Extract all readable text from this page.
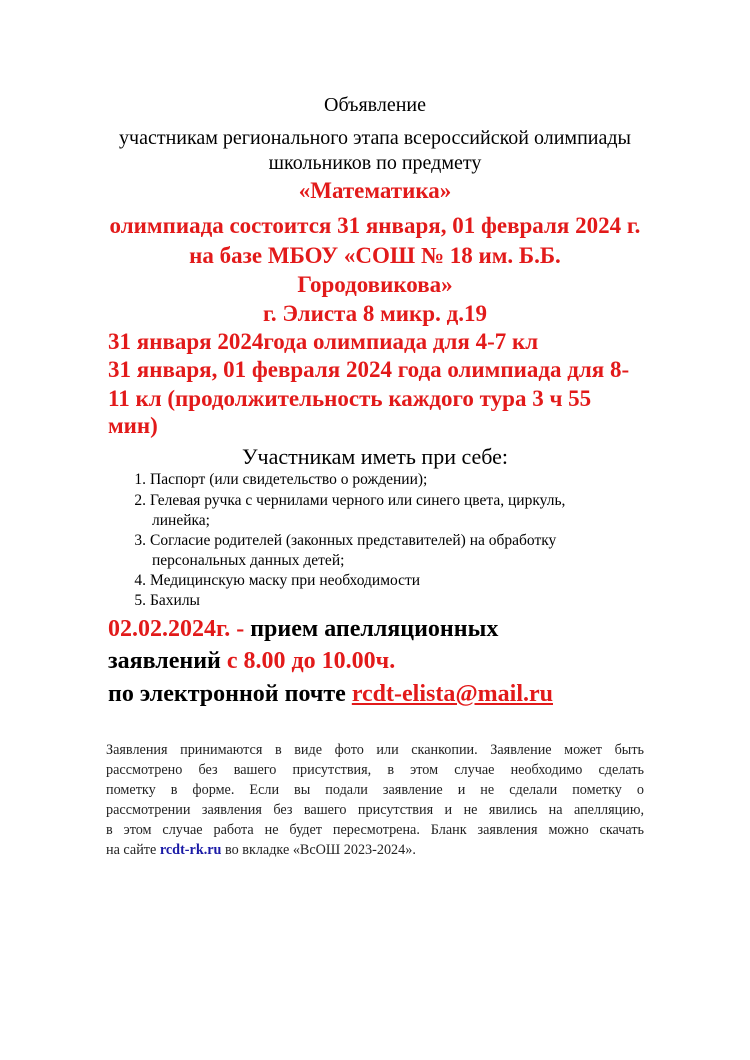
Объявление
участникам регионального этапа всероссийской олимпиады
школьников по предмету
«Математика»
олимпиада состоится 31 января, 01 февраля 2024 г.
на базе МБОУ «СОШ № 18 им. Б.Б.
Городовикова»
г. Элиста 8 микр. д.19
31 января 2024года олимпиада для 4-7 кл
31 января, 01 февраля 2024 года олимпиада для 8-
11 кл (продолжительность каждого тура 3 ч 55
мин)
Участникам иметь при себе:
1. Паспорт (или свидетельство о рождении);
2. Гелевая ручка с чернилами черного или синего цвета, циркуль,
линейка;
3. Согласие родителей (законных представителей) на обработку
персональных данных детей;
4. Медицинскую маску при необходимости
5. Бахилы
02.02.2024г. - прием апелляционных
заявлений с 8.00 до 10.00ч.
по электронной почте rcdt-elista@mail.ru
Заявления принимаются в виде фото или сканкопии. Заявление может быть
рассмотрено без вашего присутствия, в этом случае необходимо сделать
пометку в форме. Если вы подали заявление и не сделали пометку о
рассмотрении заявления без вашего присутствия и не явились на апелляцию,
в этом случае работа не будет пересмотрена. Бланк заявления можно скачать
на сайте rcdt-rk.ru во вкладке «ВсОШ 2023-2024».
